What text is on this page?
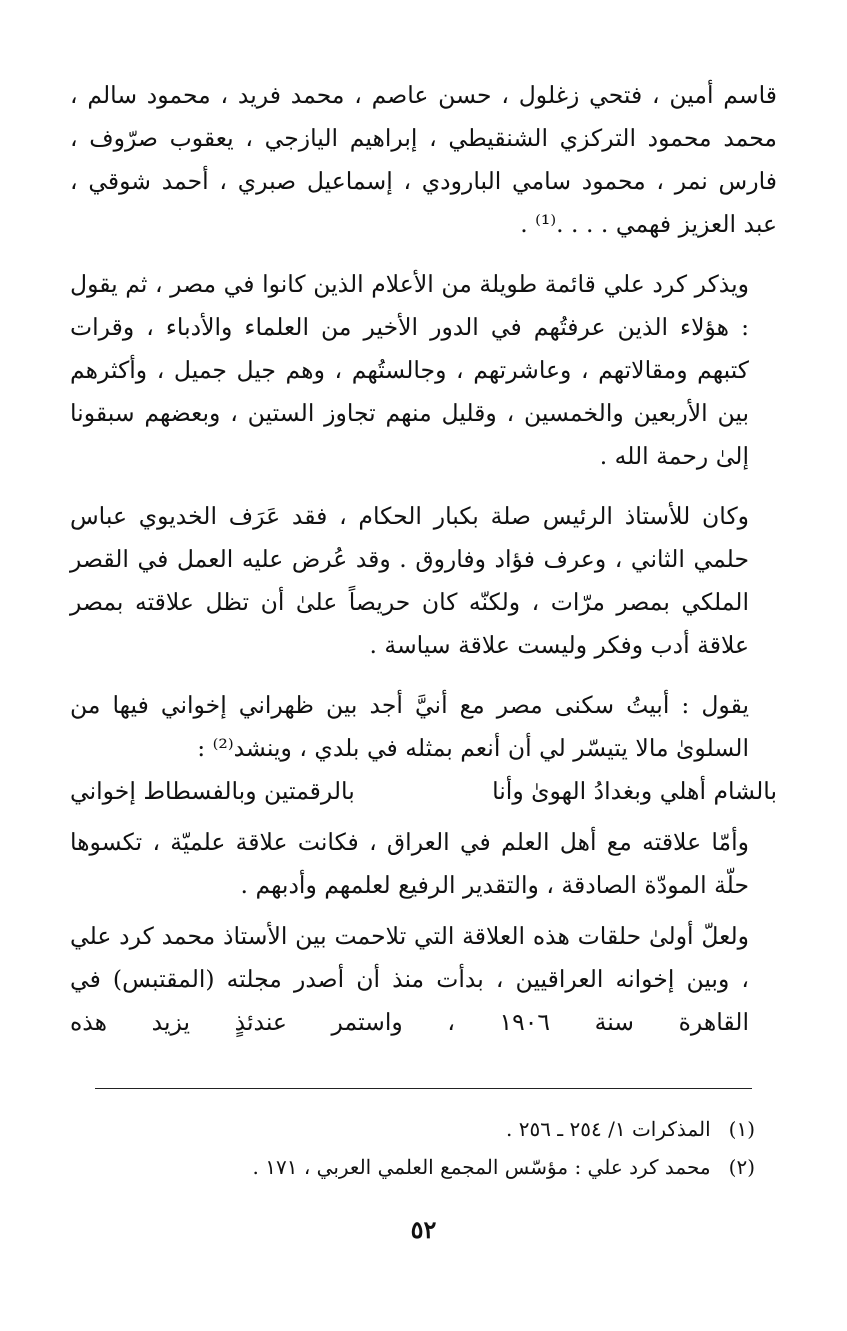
قاسم أمين ، فتحي زغلول ، حسن عاصم ، محمد فريد ، محمود سالم ، محمد محمود التركزي الشنقيطي ، إبراهيم اليازجي ، يعقوب صرّوف ، فارس نمر ، محمود سامي البارودي ، إسماعيل صبري ، أحمد شوقي ، عبد العزيز فهمي . . . .⁽¹⁾ .

ويذكر كرد علي قائمة طويلة من الأعلام الذين كانوا في مصر ، ثم يقول : هؤلاء الذين عرفتُهم في الدور الأخير من العلماء والأدباء ، وقرات كتبهم ومقالاتهم ، وعاشرتهم ، وجالستُهم ، وهم جيل جميل ، وأكثرهم بين الأربعين والخمسين ، وقليل منهم تجاوز الستين ، وبعضهم سبقونا إلىٰ رحمة الله .

وكان للأستاذ الرئيس صلة بكبار الحكام ، فقد عَرَف الخديوي عباس حلمي الثاني ، وعرف فؤاد وفاروق . وقد عُرض عليه العمل في القصر الملكي بمصر مرّات ، ولكنّه كان حريصاً علىٰ أن تظل علاقته بمصر علاقة أدب وفكر وليست علاقة سياسة .

يقول : أبيتُ سكنى مصر مع أنيَّ أجد بين ظهراني إخواني فيها من السلوىٰ مالا يتيسّر لي أن أنعم بمثله في بلدي ، وينشد⁽²⁾ :

بالشام أهلي وبغدادُ الهوىٰ وأنا
بالرقمتين وبالفسطاط إخواني

وأمّا علاقته مع أهل العلم في العراق ، فكانت علاقة علميّة ، تكسوها حلّة المودّة الصادقة ، والتقدير الرفيع لعلمهم وأدبهم .

ولعلّ أولىٰ حلقات هذه العلاقة التي تلاحمت بين الأستاذ محمد كرد علي ، وبين إخوانه العراقيين ، بدأت منذ أن أصدر مجلته (المقتبس) في القاهرة سنة ١٩٠٦ ، واستمر عندئذٍ يزيد هذه

(١)
المذكرات ١/ ٢٥٤ ـ ٢٥٦ .
(٢)
محمد كرد علي : مؤسّس المجمع العلمي العربي ، ١٧١ .
٥٢
